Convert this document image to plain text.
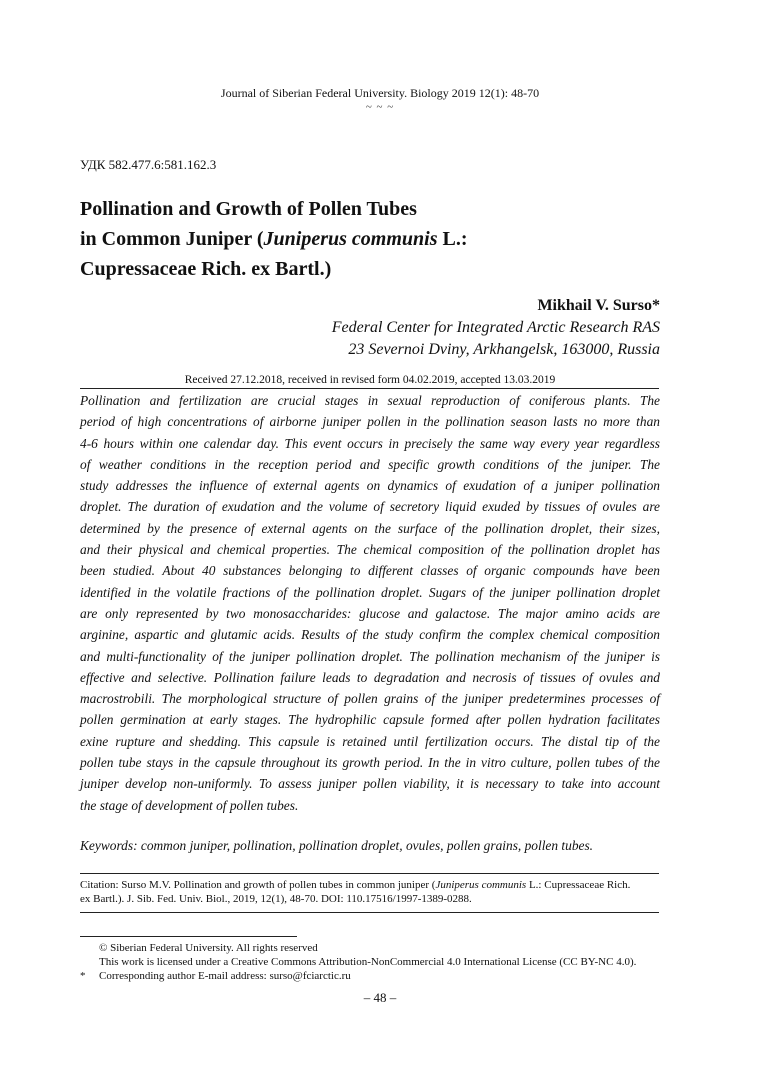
Journal of Siberian Federal University. Biology 2019 12(1): 48-70
~ ~ ~
УДК 582.477.6:581.162.3
Pollination and Growth of Pollen Tubes
in Common Juniper (Juniperus communis L.:
Cupressaceae Rich. ex Bartl.)
Mikhail V. Surso*
Federal Center for Integrated Arctic Research RAS
23 Severnoi Dviny, Arkhangelsk, 163000, Russia
Received 27.12.2018, received in revised form 04.02.2019, accepted 13.03.2019
Pollination and fertilization are crucial stages in sexual reproduction of coniferous plants. The
period of high concentrations of airborne juniper pollen in the pollination season lasts no more than
4-6 hours within one calendar day. This event occurs in precisely the same way every year regardless
of weather conditions in the reception period and specific growth conditions of the juniper. The
study addresses the influence of external agents on dynamics of exudation of a juniper pollination
droplet. The duration of exudation and the volume of secretory liquid exuded by tissues of ovules are
determined by the presence of external agents on the surface of the pollination droplet, their sizes,
and their physical and chemical properties. The chemical composition of the pollination droplet has
been studied. About 40 substances belonging to different classes of organic compounds have been
identified in the volatile fractions of the pollination droplet. Sugars of the juniper pollination droplet
are only represented by two monosaccharides: glucose and galactose. The major amino acids are
arginine, aspartic and glutamic acids. Results of the study confirm the complex chemical composition
and multi-functionality of the juniper pollination droplet. The pollination mechanism of the juniper is
effective and selective. Pollination failure leads to degradation and necrosis of tissues of ovules and
macrostrobili. The morphological structure of pollen grains of the juniper predetermines processes of
pollen germination at early stages. The hydrophilic capsule formed after pollen hydration facilitates
exine rupture and shedding. This capsule is retained until fertilization occurs. The distal tip of the
pollen tube stays in the capsule throughout its growth period. In the in vitro culture, pollen tubes of the
juniper develop non-uniformly. To assess juniper pollen viability, it is necessary to take into account
the stage of development of pollen tubes.
Keywords: common juniper, pollination, pollination droplet, ovules, pollen grains, pollen tubes.
Citation: Surso M.V. Pollination and growth of pollen tubes in common juniper (Juniperus communis L.: Cupressaceae Rich.
ex Bartl.). J. Sib. Fed. Univ. Biol., 2019, 12(1), 48-70. DOI: 110.17516/1997-1389-0288.
© Siberian Federal University. All rights reserved
This work is licensed under a Creative Commons Attribution-NonCommercial 4.0 International License (CC BY-NC 4.0).
* Corresponding author E-mail address: surso@fciarctic.ru
– 48 –
